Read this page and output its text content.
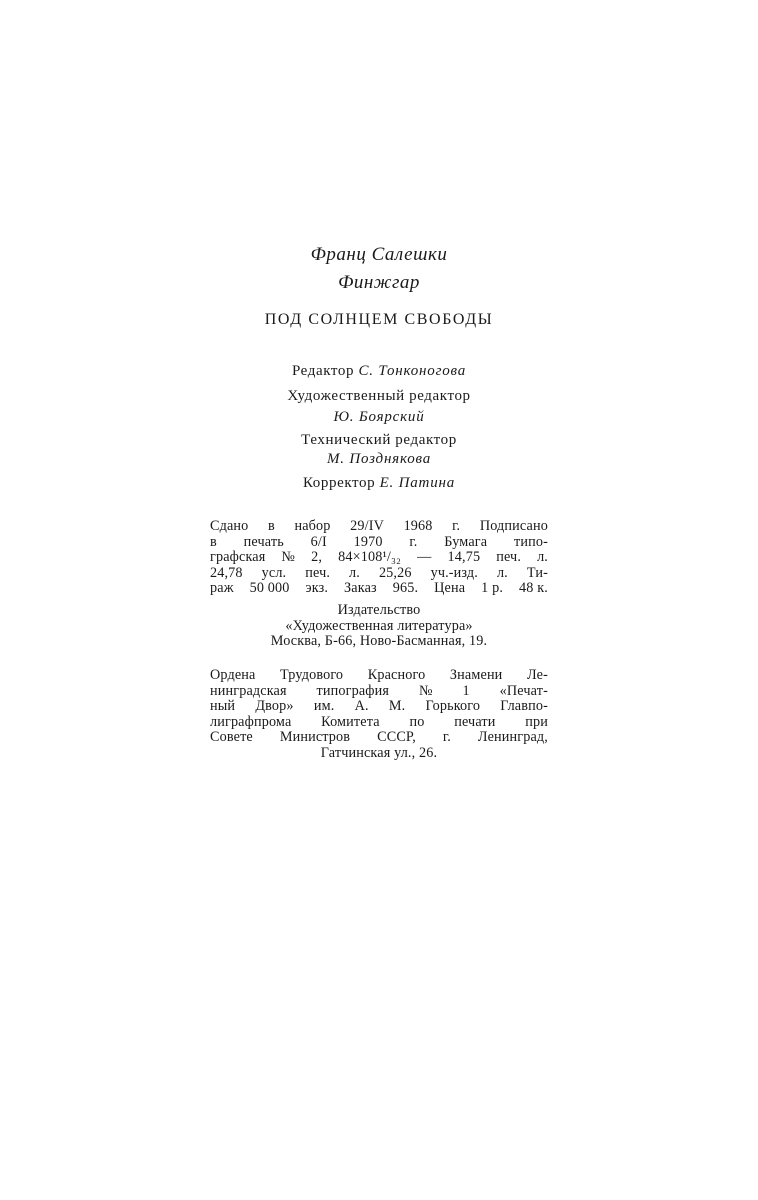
Франц Салешки
Финжгар
ПОД СОЛНЦЕМ СВОБОДЫ
Редактор С. Тонконогова
Художественный редактор
Ю. Боярский
Технический редактор
М. Позднякова
Корректор Е. Патина
Сдано в набор 29/IV 1968 г. Подписано
в печать 6/I 1970 г. Бумага типо-
графская № 2, 84×108¹/₃₂ — 14,75 печ. л.
24,78 усл. печ. л. 25,26 уч.-изд. л. Ти-
раж 50 000 экз. Заказ 965. Цена 1 р. 48 к.
Издательство
«Художественная литература»
Москва, Б-66, Ново-Басманная, 19.
Ордена Трудового Красного Знамени Ле-
нинградская типография № 1 «Печат-
ный Двор» им. А. М. Горького Главпо-
лиграфпрома Комитета по печати при
Совете Министров СССР, г. Ленинград,
Гатчинская ул., 26.
